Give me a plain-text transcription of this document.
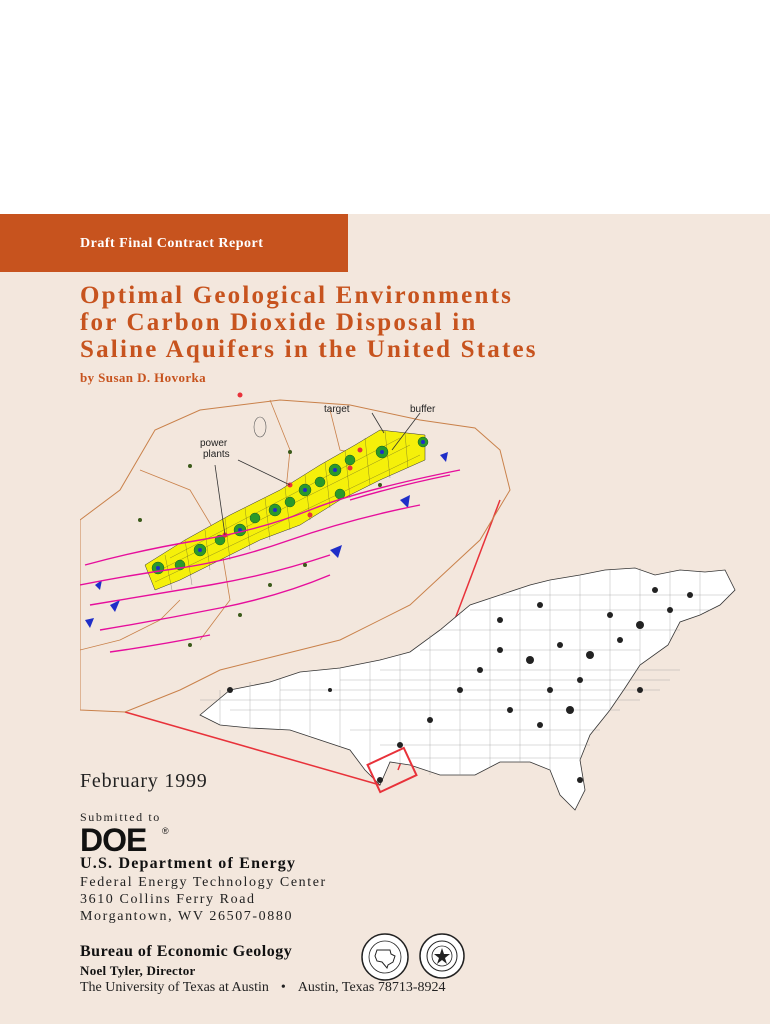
Draft Final Contract Report
Optimal Geological Environments
for Carbon Dioxide Disposal in
Saline Aquifers in the United States
by Susan D. Hovorka
target	buffer
power
plants
February 1999
Submitted to
DOE ®
U.S. Department of Energy
Federal Energy Technology Center
3610 Collins Ferry Road
Morgantown, WV 26507-0880
Bureau of Economic Geology
Noel Tyler, Director
The University of Texas at Austin • Austin, Texas 78713-8924
